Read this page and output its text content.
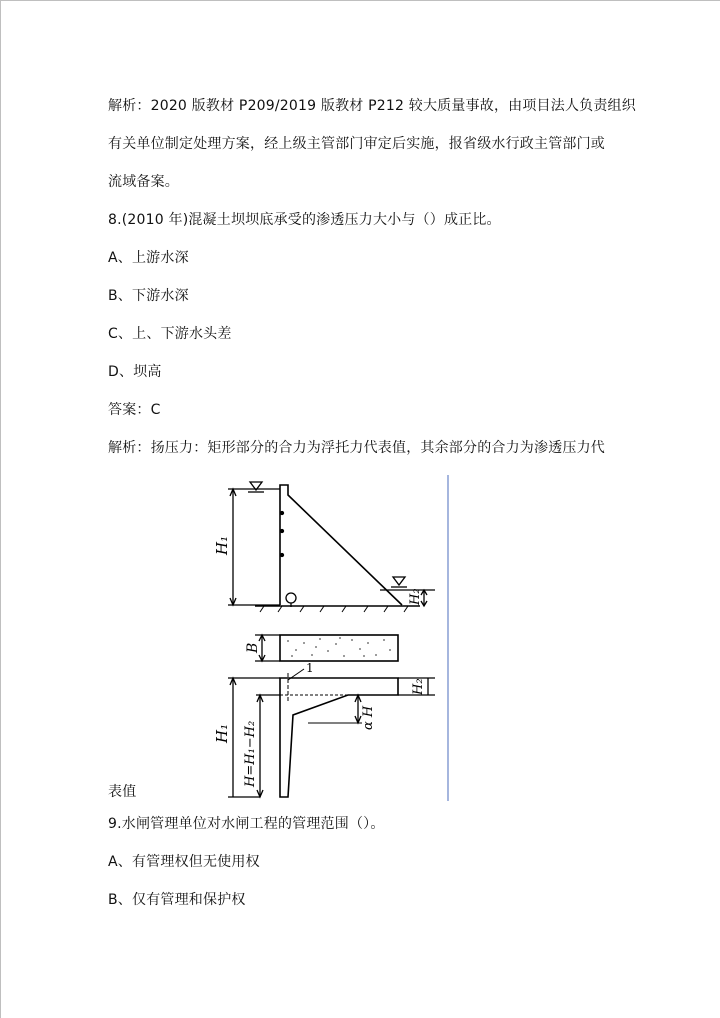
解析：2020 版教材 P209/2019 版教材 P212 较大质量事故，由项目法人负责组织
有关单位制定处理方案，经上级主管部门审定后实施，报省级水行政主管部门或
流域备案。
8.(2010 年)混凝土坝坝底承受的渗透压力大小与（）成正比。
A、上游水深
B、下游水深
C、上、下游水头差
D、坝高
答案：C
解析：扬压力：矩形部分的合力为浮托力代表值，其余部分的合力为渗透压力代
H₁
H₂
B
H₂
1
α H
H₁ H=H₁−H₂
表值
9.水闸管理单位对水闸工程的管理范围（）。
A、有管理权但无使用权
B、仅有管理和保护权
